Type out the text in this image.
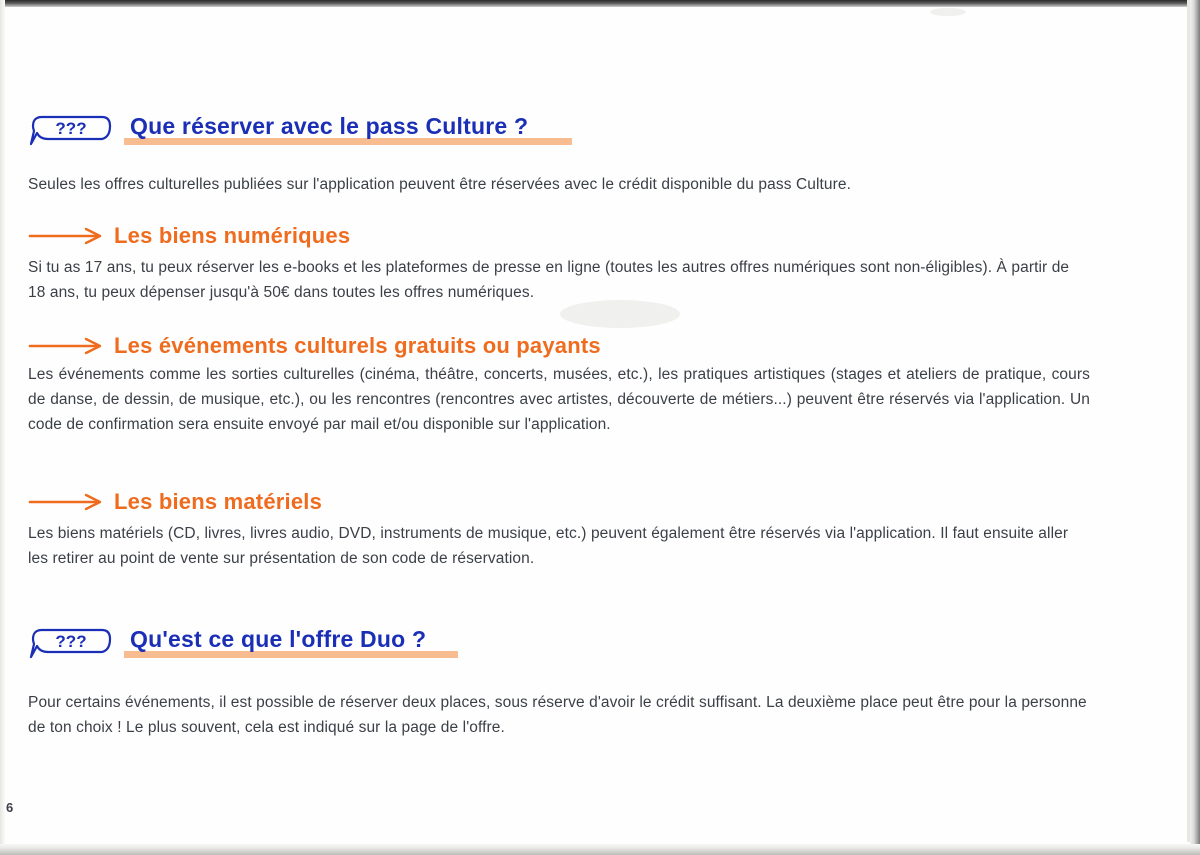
??? Que réserver avec le pass Culture ?
Seules les offres culturelles publiées sur l'application peuvent être réservées avec le crédit disponible du pass Culture.
Les biens numériques
Si tu as 17 ans, tu peux réserver les e-books et les plateformes de presse en ligne (toutes les autres offres numériques sont non-éligibles). À partir de 18 ans, tu peux dépenser jusqu'à 50€ dans toutes les offres numériques.
Les événements culturels gratuits ou payants
Les événements comme les sorties culturelles (cinéma, théâtre, concerts, musées, etc.), les pratiques artistiques (stages et ateliers de pratique, cours de danse, de dessin, de musique, etc.), ou les rencontres (rencontres avec artistes, découverte de métiers...) peuvent être réservés via l'application. Un code de confirmation sera ensuite envoyé par mail et/ou disponible sur l'application.
Les biens matériels
Les biens matériels (CD, livres, livres audio, DVD, instruments de musique, etc.) peuvent également être réservés via l'application. Il faut ensuite aller les retirer au point de vente sur présentation de son code de réservation.
??? Qu'est ce que l'offre Duo ?
Pour certains événements, il est possible de réserver deux places, sous réserve d'avoir le crédit suffisant. La deuxième place peut être pour la personne de ton choix ! Le plus souvent, cela est indiqué sur la page de l'offre.
6
